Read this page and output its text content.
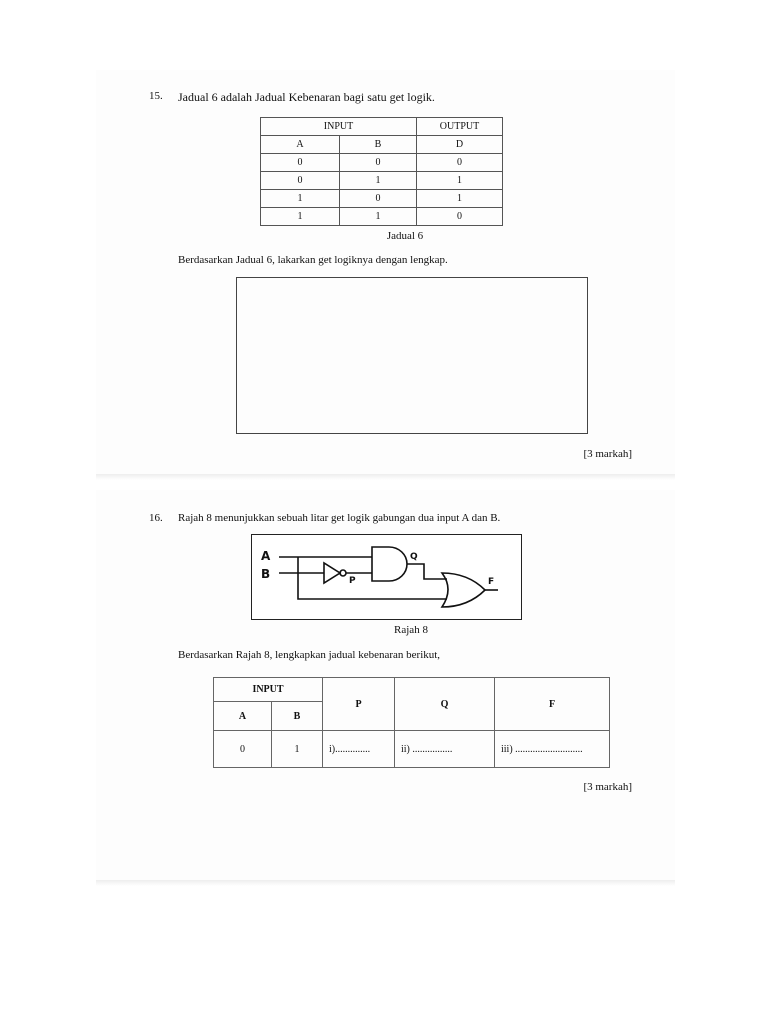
15. Jadual 6 adalah Jadual Kebenaran bagi satu get logik.
INPUT		OUTPUT
A	B	D
0	0	0
0	1	1
1	0	1
1	1	0
Jadual 6
Berdasarkan Jadual 6, lakarkan get logiknya dengan lengkap.
[3 markah]
16. Rajah 8 menunjukkan sebuah litar get logik gabungan dua input A dan B.
A
B	P
Q
F
Rajah 8
Berdasarkan Rajah 8, lengkapkan jadual kebenaran berikut,
INPUT		P	Q	F
A	B			
0	1	i)..............	ii) ................	iii) ...........................
[3 markah]
